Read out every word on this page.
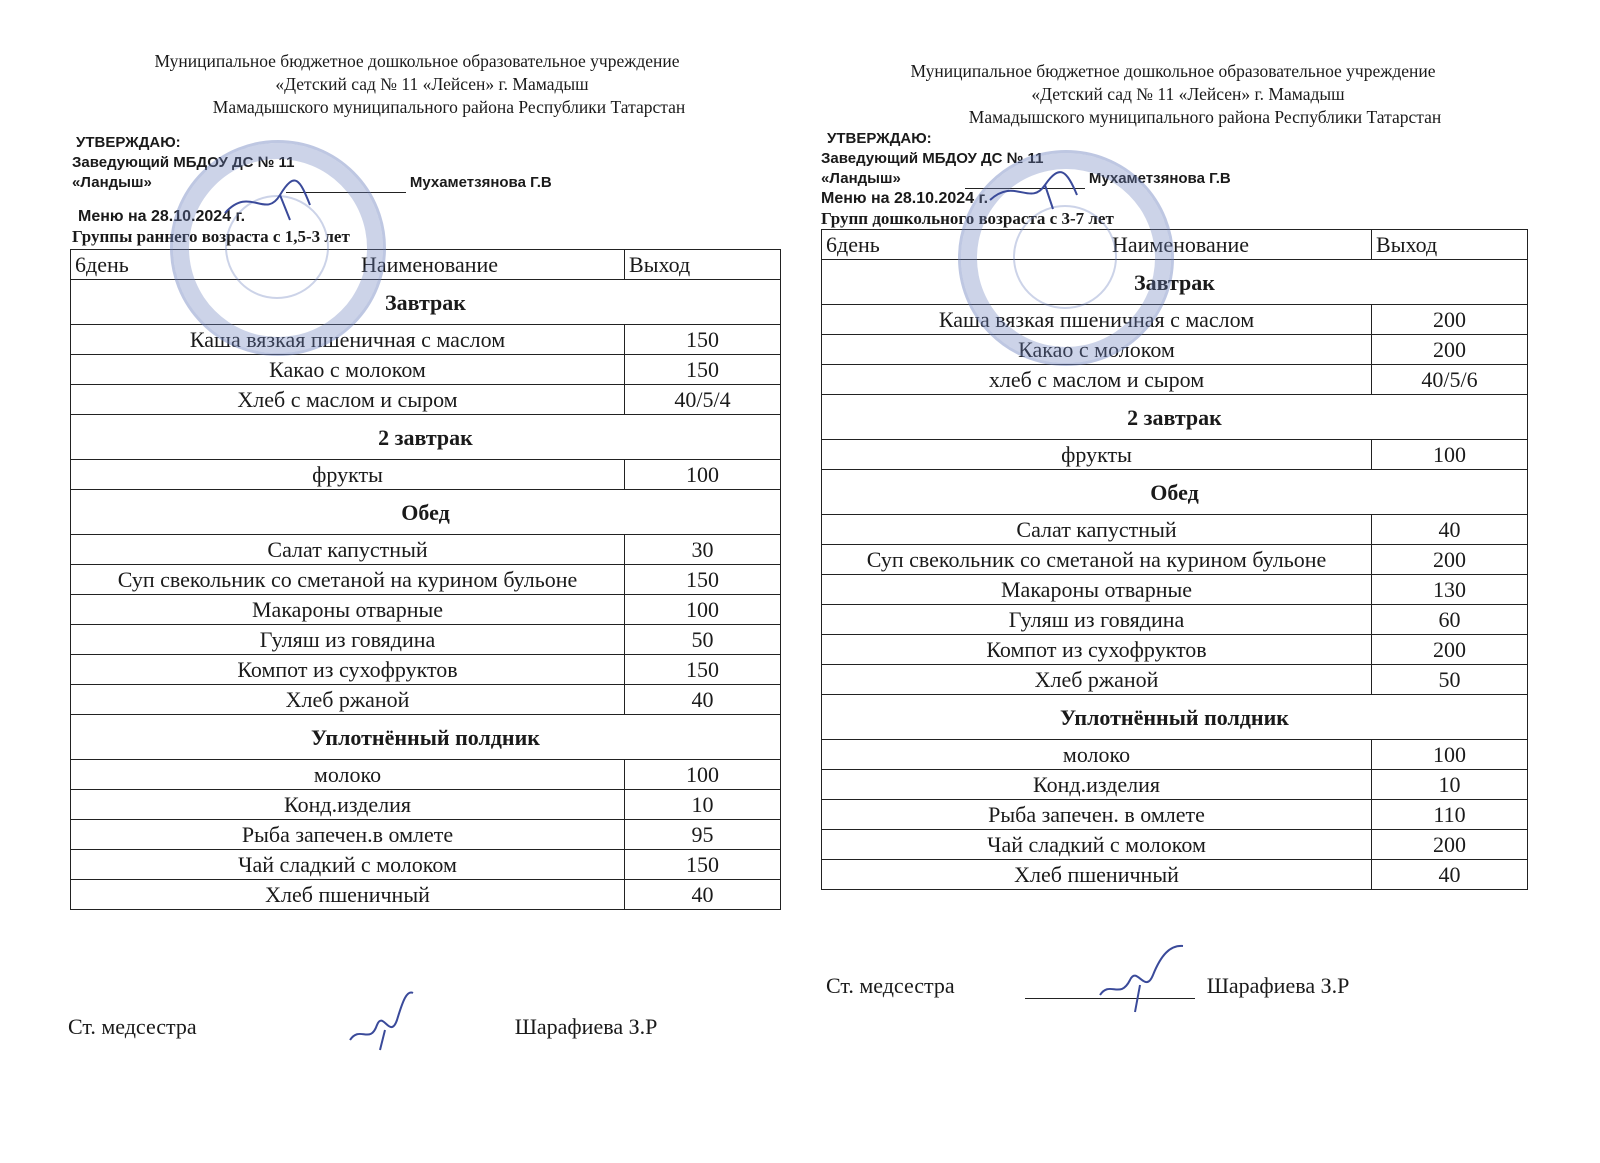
Муниципальное бюджетное дошкольное образовательное учреждение
«Детский сад № 11 «Лейсен» г. Мамадыш
Мамадышского муниципального района Республики Татарстан
УТВЕРЖДАЮ:
Заведующий МБДОУ ДС № 11
«Ландыш»	Мухаметзянова Г.В
Меню на 28.10.2024 г.
Группы раннего возраста с 1,5-3 лет
6день Наименование	Выход
Завтрак	
Каша вязкая пшеничная с маслом	150
Какао с молоком	150
Хлеб с маслом и сыром	40/5/4
2 завтрак	
фрукты	100
Обед	
Салат капустный	30
Суп свекольник со сметаной на курином бульоне	150
Макароны отварные	100
Гуляш из говядина	50
Компот из сухофруктов	150
Хлеб ржаной	40
Уплотнённый полдник	
молоко	100
Конд.изделия	10
Рыба запечен.в омлете	95
Чай сладкий с молоком	150
Хлеб пшеничный	40
Муниципальное бюджетное дошкольное образовательное учреждение
«Детский сад № 11 «Лейсен» г. Мамадыш
Мамадышского муниципального района Республики Татарстан
УТВЕРЖДАЮ:
Заведующий МБДОУ ДС № 11
«Ландыш»	Мухаметзянова Г.В
Меню на 28.10.2024 г.
Групп дошкольного возраста с 3-7 лет
6день Наименование	Выход
Завтрак	
Каша вязкая пшеничная с маслом	200
Какао с молоком	200
хлеб с маслом и сыром	40/5/6
2 завтрак	
фрукты	100
Обед	
Салат капустный	40
Суп свекольник со сметаной на курином бульоне	200
Макароны отварные	130
Гуляш из говядина	60
Компот из сухофруктов	200
Хлеб ржаной	50
Уплотнённый полдник	
молоко	100
Конд.изделия	10
Рыба запечен. в омлете	110
Чай сладкий с молоком	200
Хлеб пшеничный	40
Ст. медсестра	Шарафиева З.Р
Ст. медсестра	Шарафиева З.Р
